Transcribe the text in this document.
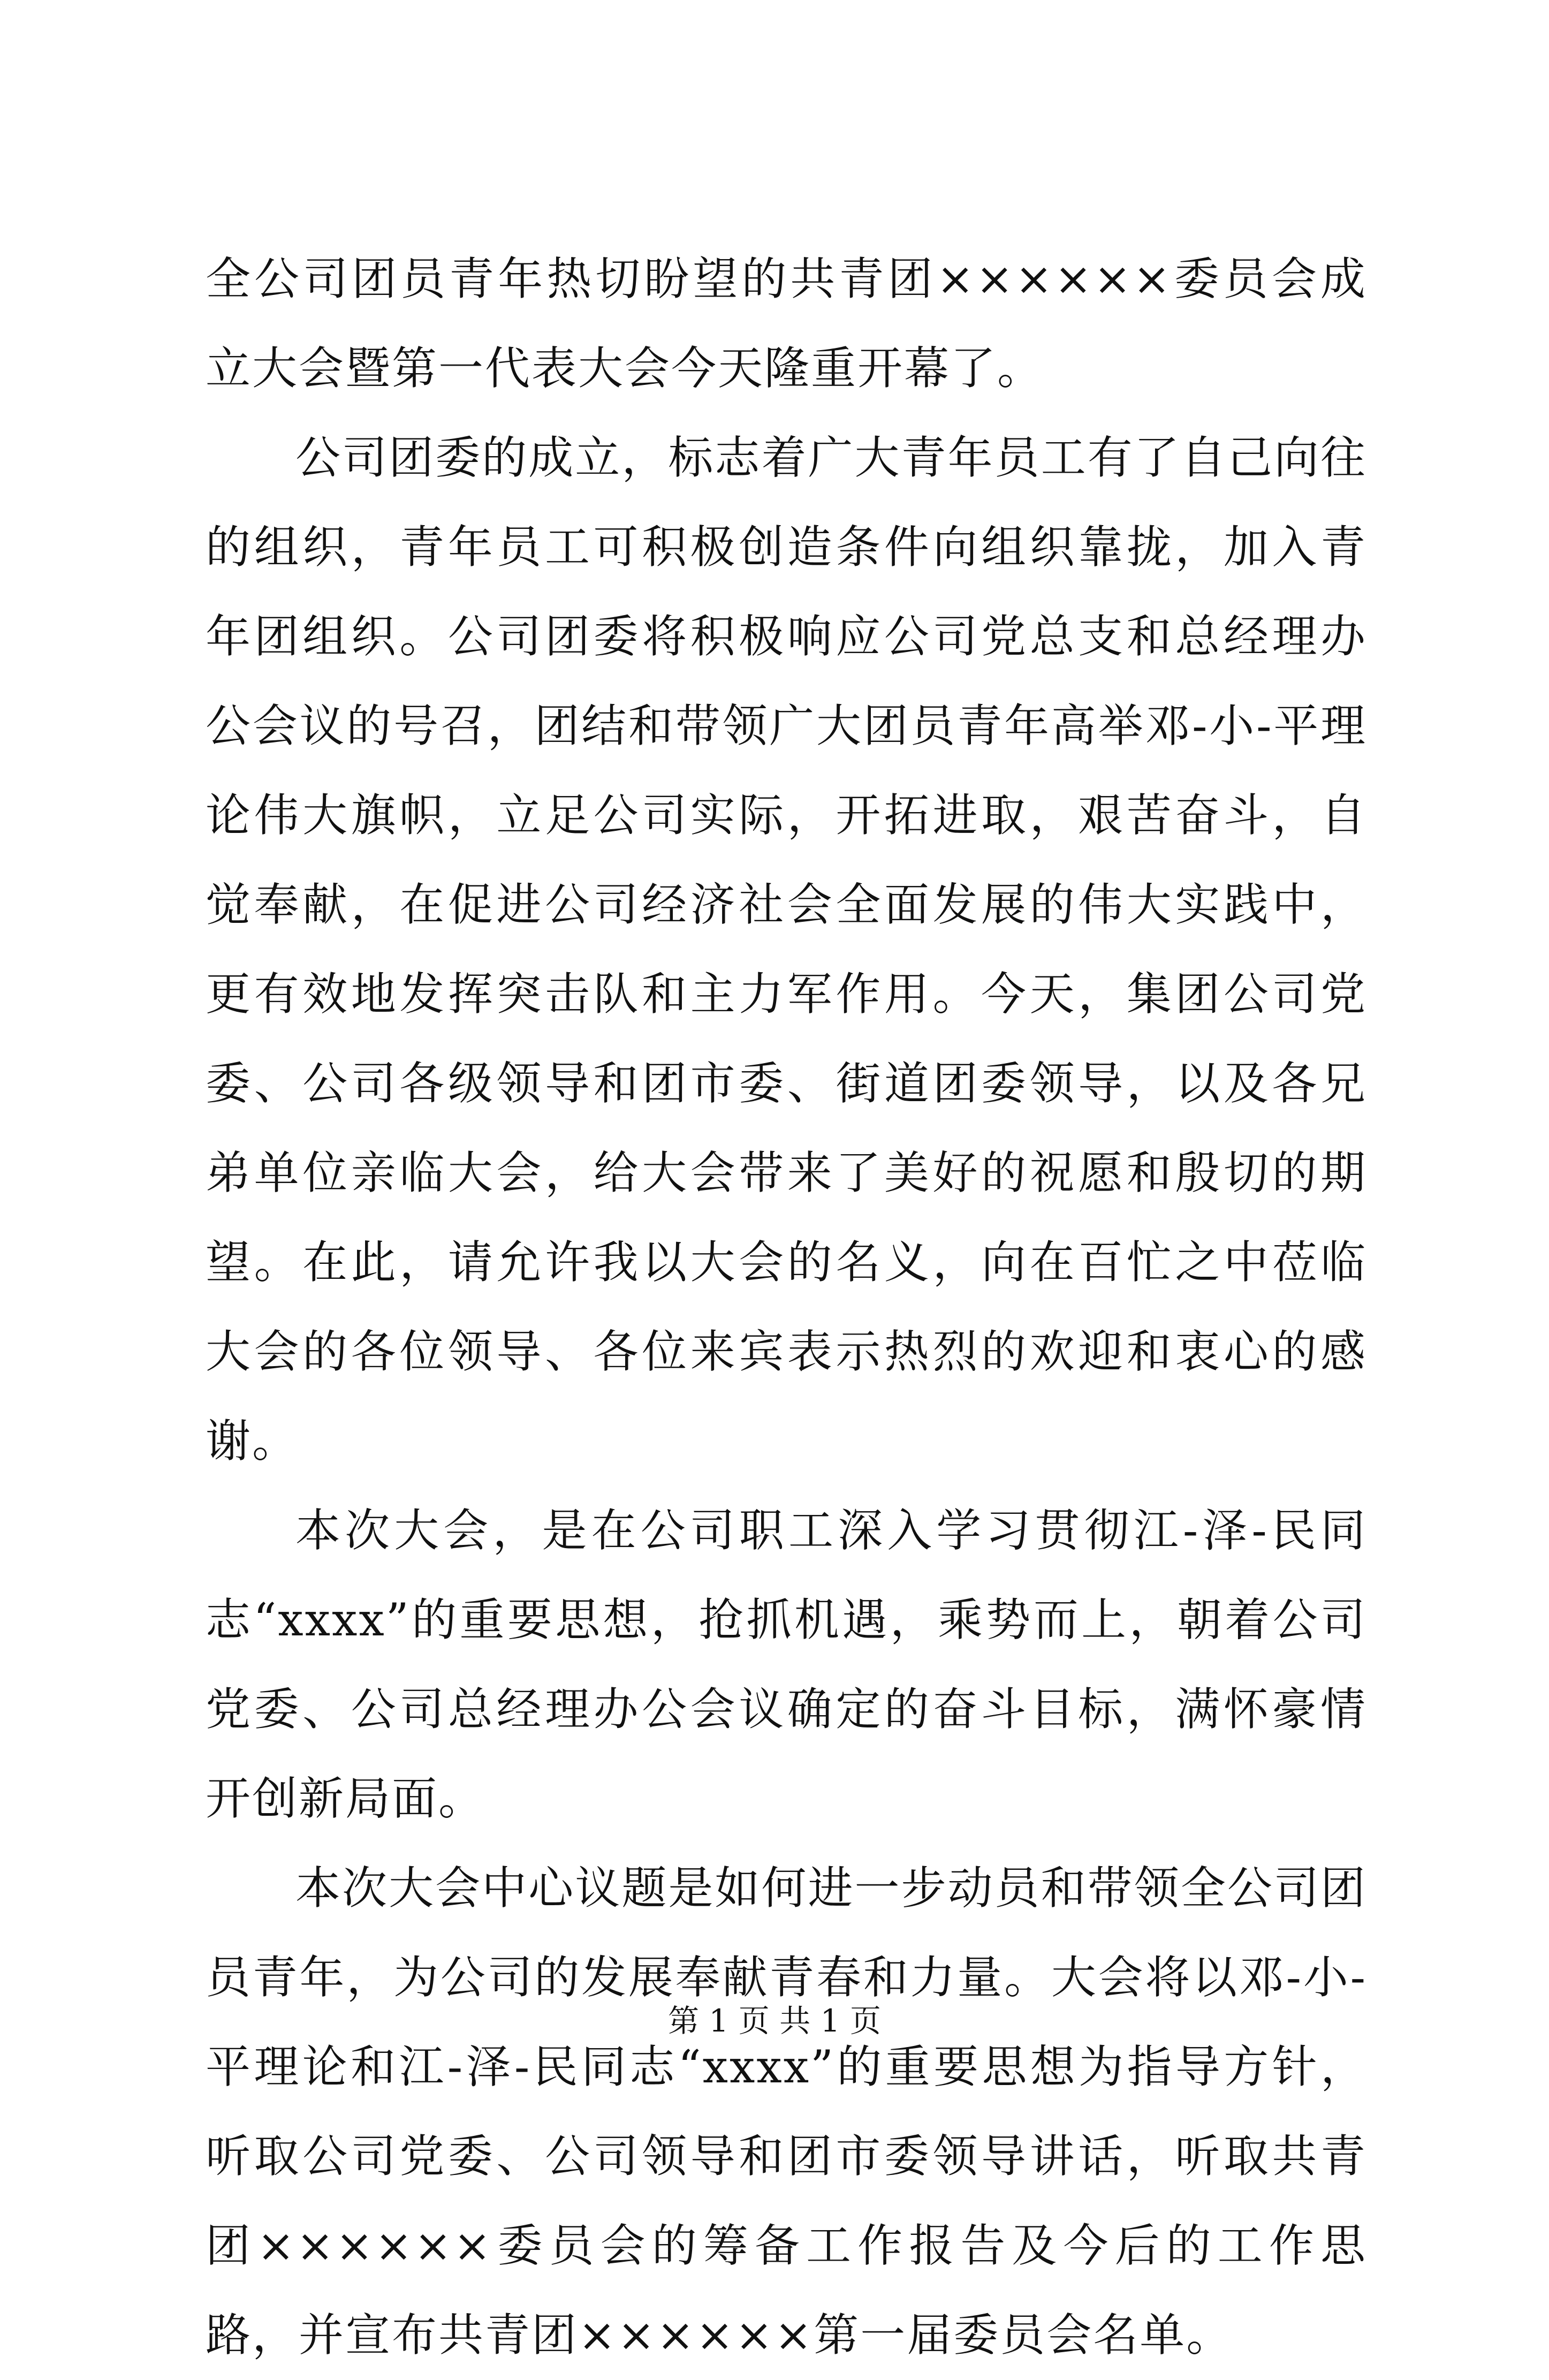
全公司团员青年热切盼望的共青团××××××委员会成立大会暨第一代表大会今天隆重开幕了。

公司团委的成立，标志着广大青年员工有了自己向往的组织，青年员工可积极创造条件向组织靠拢，加入青年团组织。公司团委将积极响应公司党总支和总经理办公会议的号召，团结和带领广大团员青年高举邓-小-平理论伟大旗帜，立足公司实际，开拓进取，艰苦奋斗，自觉奉献，在促进公司经济社会全面发展的伟大实践中，更有效地发挥突击队和主力军作用。今天，集团公司党委、公司各级领导和团市委、街道团委领导，以及各兄弟单位亲临大会，给大会带来了美好的祝愿和殷切的期望。在此，请允许我以大会的名义，向在百忙之中莅临大会的各位领导、各位来宾表示热烈的欢迎和衷心的感谢。

本次大会，是在公司职工深入学习贯彻江-泽-民同志“xxxx”的重要思想，抢抓机遇，乘势而上，朝着公司党委、公司总经理办公会议确定的奋斗目标，满怀豪情开创新局面。

本次大会中心议题是如何进一步动员和带领全公司团员青年，为公司的发展奉献青春和力量。大会将以邓-小-平理论和江-泽-民同志“xxxx”的重要思想为指导方针，听取公司党委、公司领导和团市委领导讲话，听取共青团××××××委员会的筹备工作报告及今后的工作思路，并宣布共青团××××××第一届委员会名单。

第 1 页 共 1 页
